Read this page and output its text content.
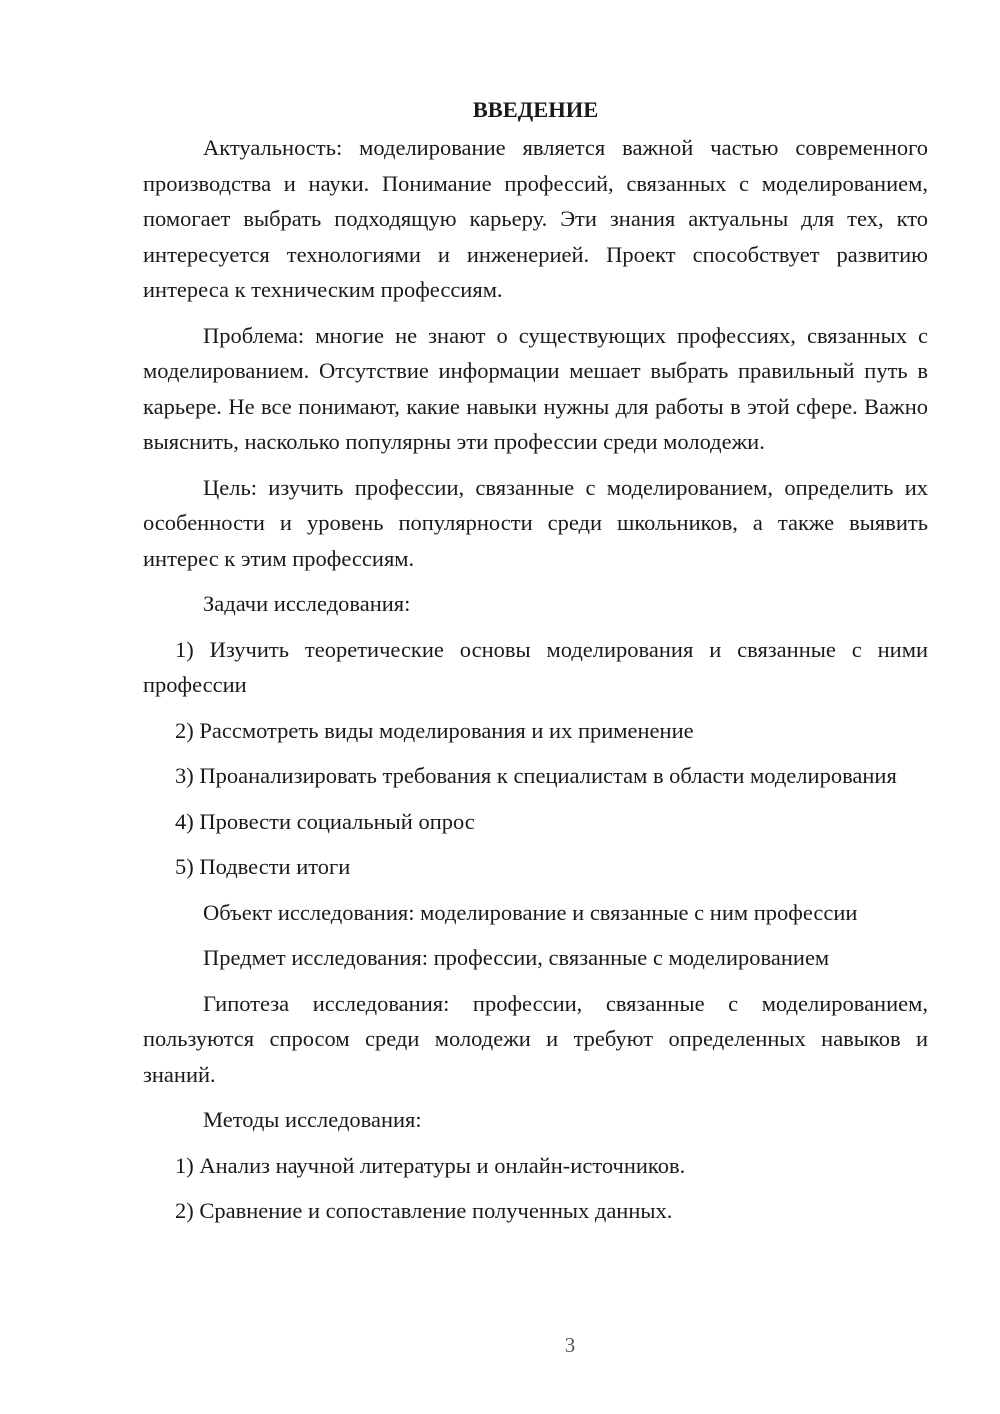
ВВЕДЕНИЕ

Актуальность: моделирование является важной частью современного производства и науки. Понимание профессий, связанных с моделированием, помогает выбрать подходящую карьеру. Эти знания актуальны для тех, кто интересуется технологиями и инженерией. Проект способствует развитию интереса к техническим профессиям.

Проблема: многие не знают о существующих профессиях, связанных с моделированием. Отсутствие информации мешает выбрать правильный путь в карьере. Не все понимают, какие навыки нужны для работы в этой сфере. Важно выяснить, насколько популярны эти профессии среди молодежи.

Цель: изучить профессии, связанные с моделированием, определить их особенности и уровень популярности среди школьников, а также выявить интерес к этим профессиям.

Задачи исследования:

1) Изучить теоретические основы моделирования и связанные с ними профессии

2) Рассмотреть виды моделирования и их применение

3) Проанализировать требования к специалистам в области моделирования

4) Провести социальный опрос

5) Подвести итоги

Объект исследования: моделирование и связанные с ним профессии

Предмет исследования: профессии, связанные с моделированием

Гипотеза исследования: профессии, связанные с моделированием, пользуются спросом среди молодежи и требуют определенных навыков и знаний.

Методы исследования:

1) Анализ научной литературы и онлайн-источников.

2) Сравнение и сопоставление полученных данных.

3
